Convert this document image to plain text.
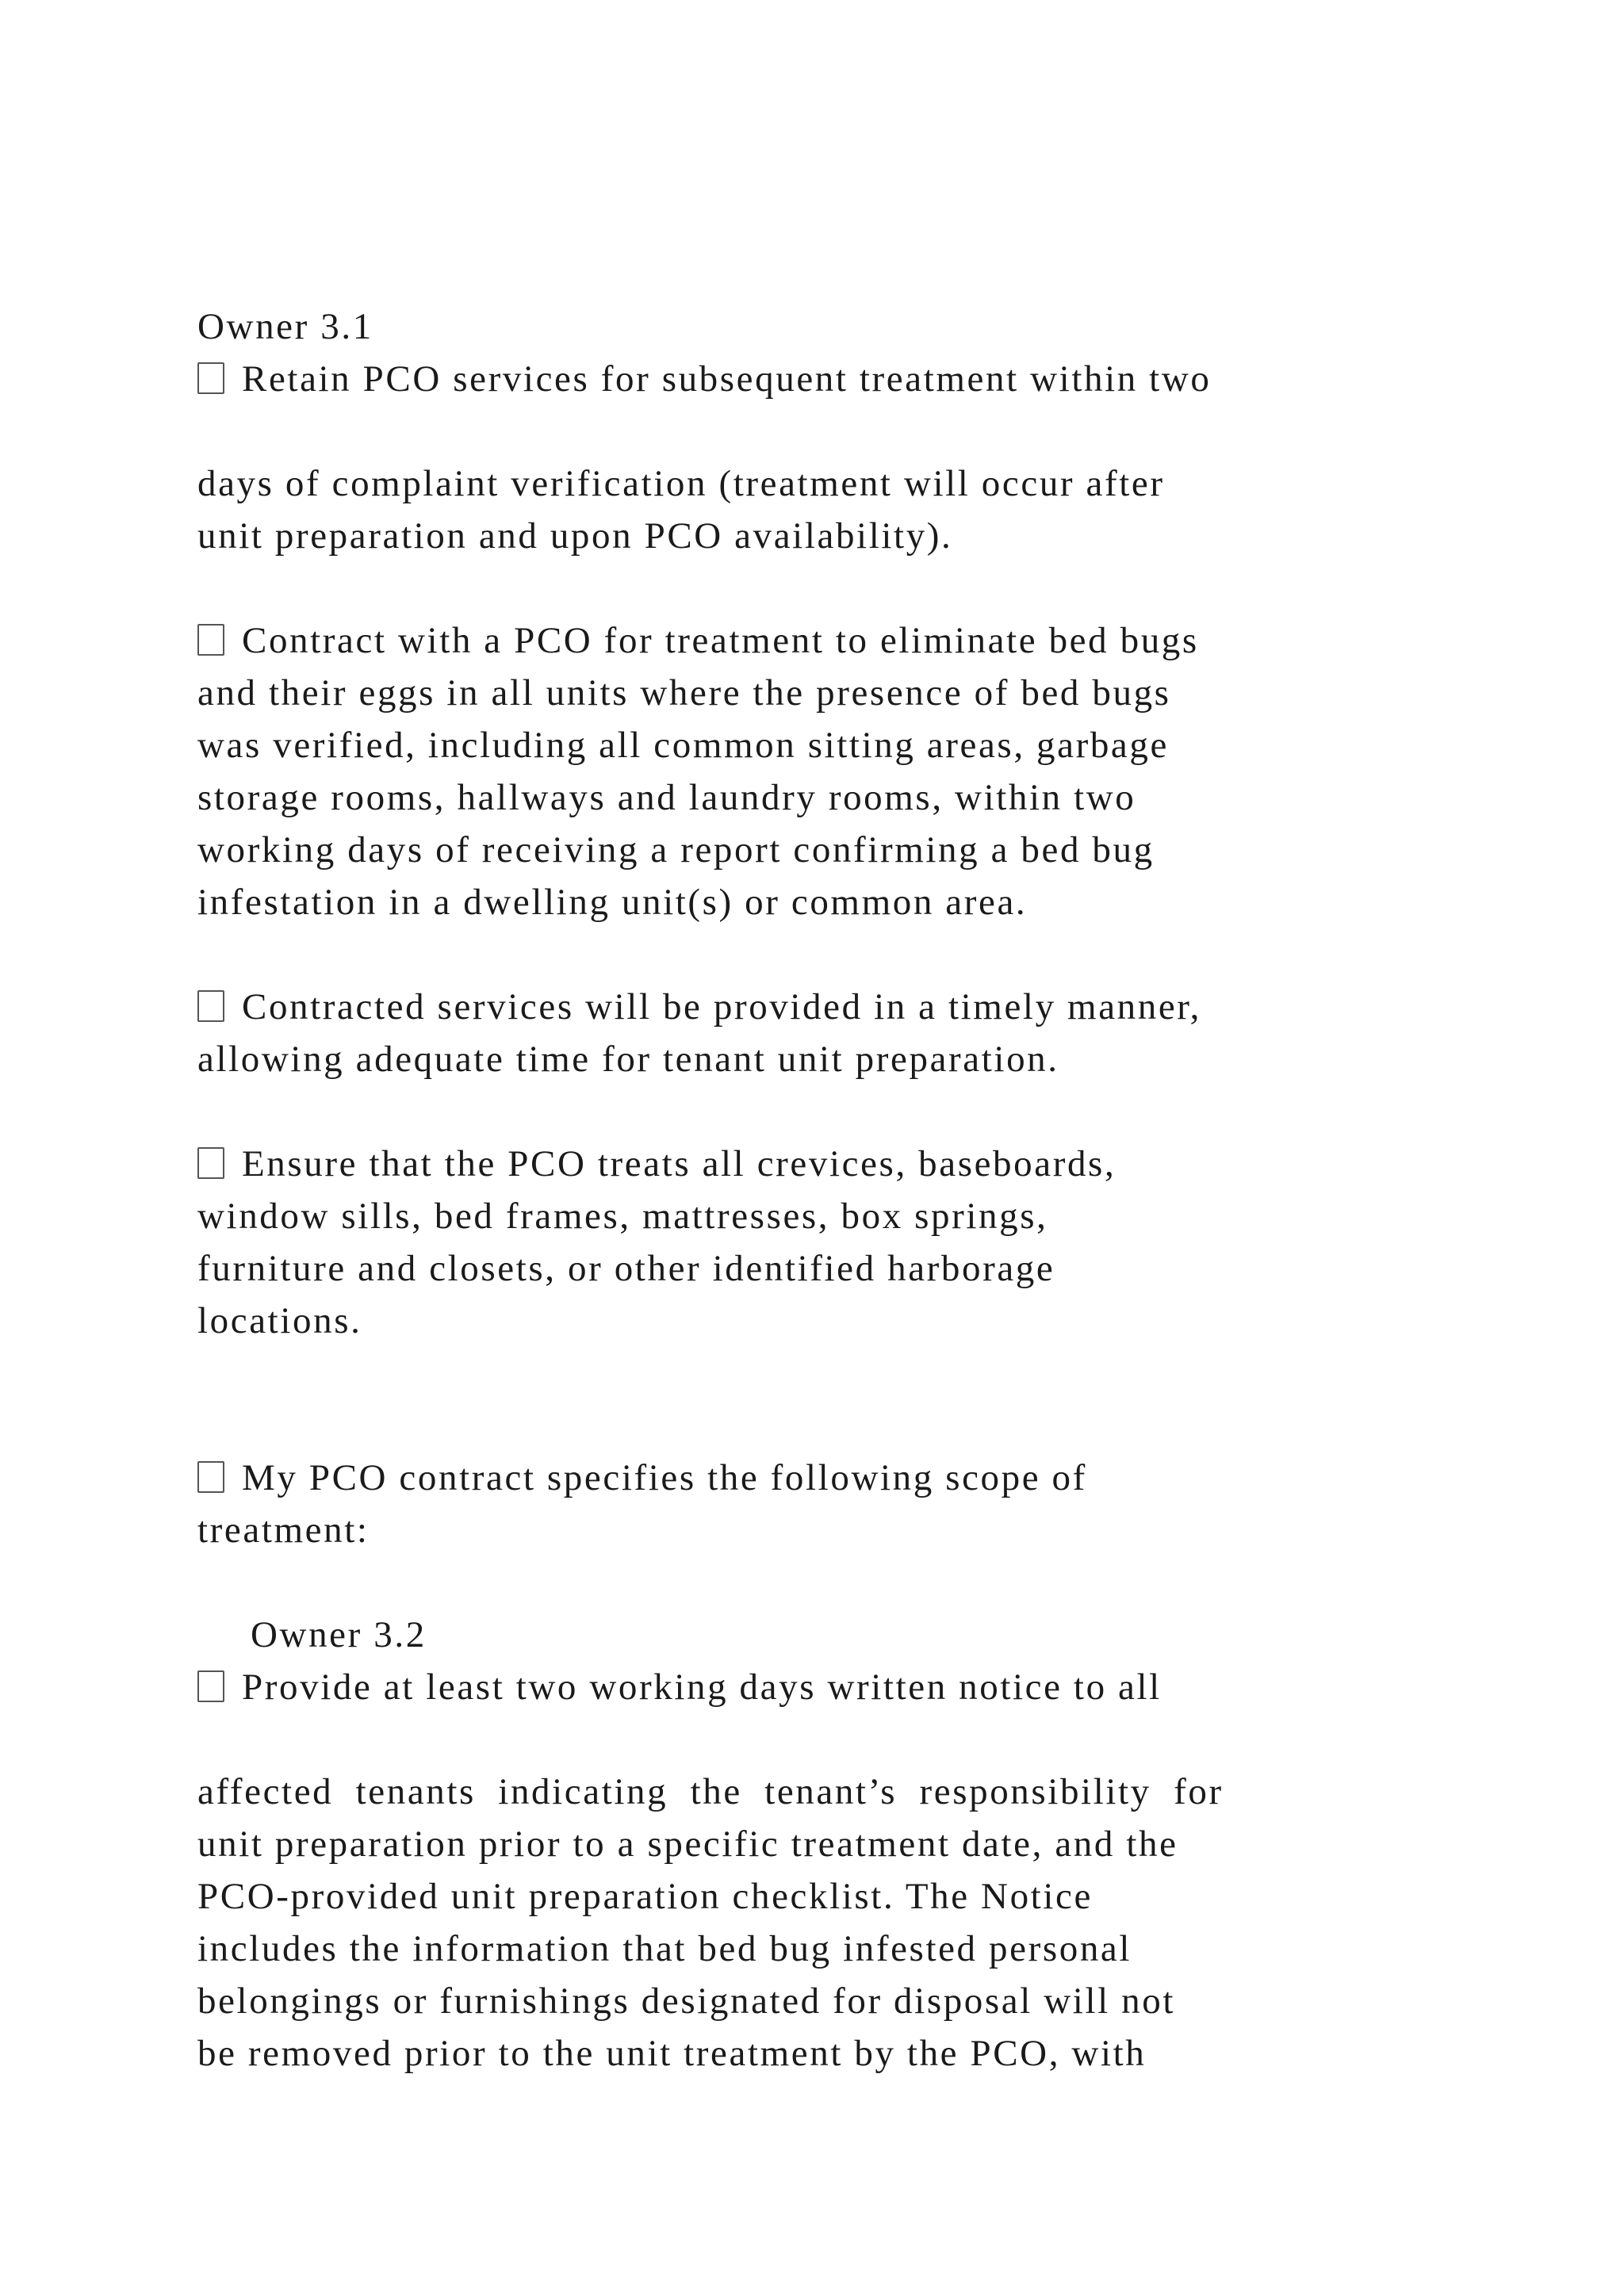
Owner 3.1
Retain PCO services for subsequent treatment within two
days of complaint verification (treatment will occur after
unit preparation and upon PCO availability).
Contract with a PCO for treatment to eliminate bed bugs
and their eggs in all units where the presence of bed bugs
was verified, including all common sitting areas, garbage
storage rooms, hallways and laundry rooms, within two
working days of receiving a report confirming a bed bug
infestation in a dwelling unit(s) or common area.
Contracted services will be provided in a timely manner,
allowing adequate time for tenant unit preparation.
Ensure that the PCO treats all crevices, baseboards,
window sills, bed frames, mattresses, box springs,
furniture and closets, or other identified harborage
locations.
My PCO contract specifies the following scope of
treatment:
Owner 3.2
Provide at least two working days written notice to all
affected tenants indicating the tenant’s responsibility for
unit preparation prior to a specific treatment date, and the
PCO-provided unit preparation checklist. The Notice
includes the information that bed bug infested personal
belongings or furnishings designated for disposal will not
be removed prior to the unit treatment by the PCO, with
